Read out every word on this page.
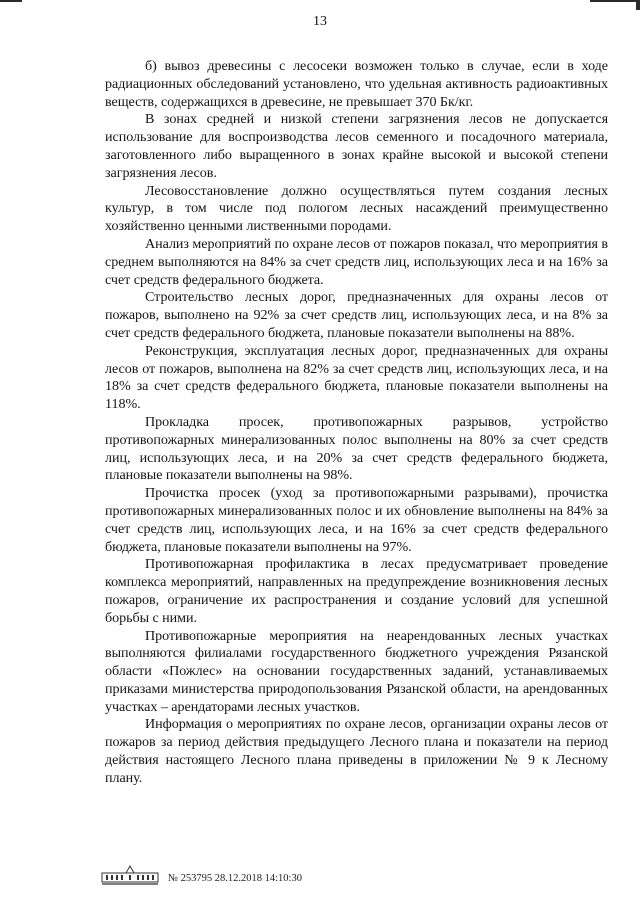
13

б) вывоз древесины с лесосеки возможен только в случае, если в ходе радиационных обследований установлено, что удельная активность радиоактивных веществ, содержащихся в древесине, не превышает 370 Бк/кг.

В зонах средней и низкой степени загрязнения лесов не допускается использование для воспроизводства лесов семенного и посадочного материала, заготовленного либо выращенного в зонах крайне высокой и высокой степени загрязнения лесов.

Лесовосстановление должно осуществляться путем создания лесных культур, в том числе под пологом лесных насаждений преимущественно хозяйственно ценными лиственными породами.

Анализ мероприятий по охране лесов от пожаров показал, что мероприятия в среднем выполняются на 84% за счет средств лиц, использующих леса и на 16% за счет средств федерального бюджета.

Строительство лесных дорог, предназначенных для охраны лесов от пожаров, выполнено на 92% за счет средств лиц, использующих леса, и на 8% за счет средств федерального бюджета, плановые показатели выполнены на 88%.

Реконструкция, эксплуатация лесных дорог, предназначенных для охраны лесов от пожаров, выполнена на 82% за счет средств лиц, использующих леса, и на 18% за счет средств федерального бюджета, плановые показатели выполнены на 118%.

Прокладка просек, противопожарных разрывов, устройство противопожарных минерализованных полос выполнены на 80% за счет средств лиц, использующих леса, и на 20% за счет средств федерального бюджета, плановые показатели выполнены на 98%.

Прочистка просек (уход за противопожарными разрывами), прочистка противопожарных минерализованных полос и их обновление выполнены на 84% за счет средств лиц, использующих леса, и на 16% за счет средств федерального бюджета, плановые показатели выполнены на 97%.

Противопожарная профилактика в лесах предусматривает проведение комплекса мероприятий, направленных на предупреждение возникновения лесных пожаров, ограничение их распространения и создание условий для успешной борьбы с ними.

Противопожарные мероприятия на неарендованных лесных участках выполняются филиалами государственного бюджетного учреждения Рязанской области «Пожлес» на основании государственных заданий, устанавливаемых приказами министерства природопользования Рязанской области, на арендованных участках – арендаторами лесных участков.

Информация о мероприятиях по охране лесов, организации охраны лесов от пожаров за период действия предыдущего Лесного плана и показатели на период действия настоящего Лесного плана приведены в приложении № 9 к Лесному плану.

№ 253795 28.12.2018 14:10:30
